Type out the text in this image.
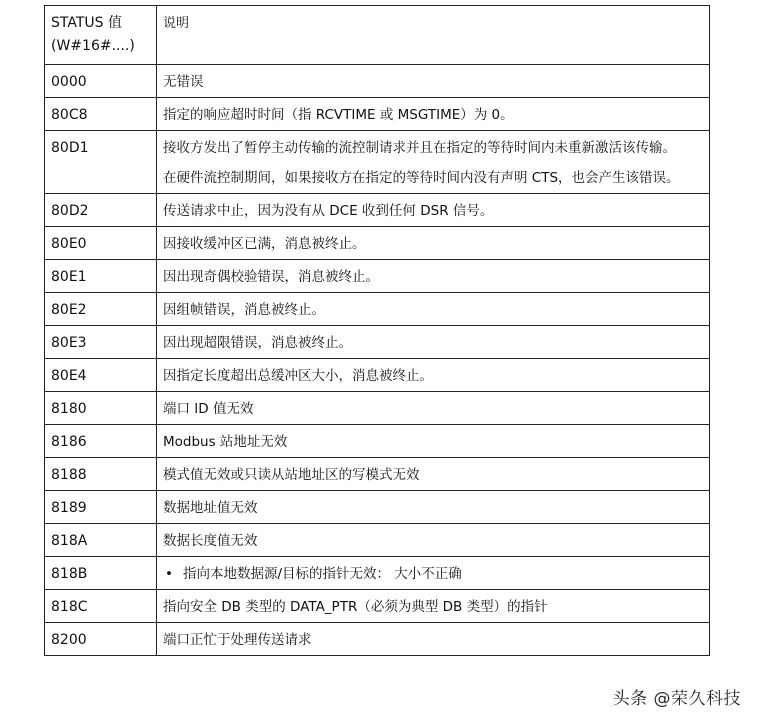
STATUS 值
(W#16#....)	说明
0000	无错误

80C8	指定的响应超时时间（指 RCVTIME 或 MSGTIME）为 0。

80D1	接收方发出了暂停主动传输的流控制请求并且在指定的等待时间内未重新激活该传输。
在硬件流控制期间，如果接收方在指定的等待时间内没有声明 CTS，也会产生该错误。

80D2	传送请求中止，因为没有从 DCE 收到任何 DSR 信号。

80E0	因接收缓冲区已满，消息被终止。

80E1	因出现奇偶校验错误，消息被终止。

80E2	因组帧错误，消息被终止。

80E3	因出现超限错误，消息被终止。

80E4	因指定长度超出总缓冲区大小，消息被终止。

8180	端口 ID 值无效

8186	Modbus 站地址无效

8188	模式值无效或只读从站地址区的写模式无效

8189	数据地址值无效

818A	数据长度值无效

818B	• 指向本地数据源/目标的指针无效： 大小不正确

818C	指向安全 DB 类型的 DATA_PTR（必须为典型 DB 类型）的指针

8200	端口正忙于处理传送请求
头条 @荣久科技
